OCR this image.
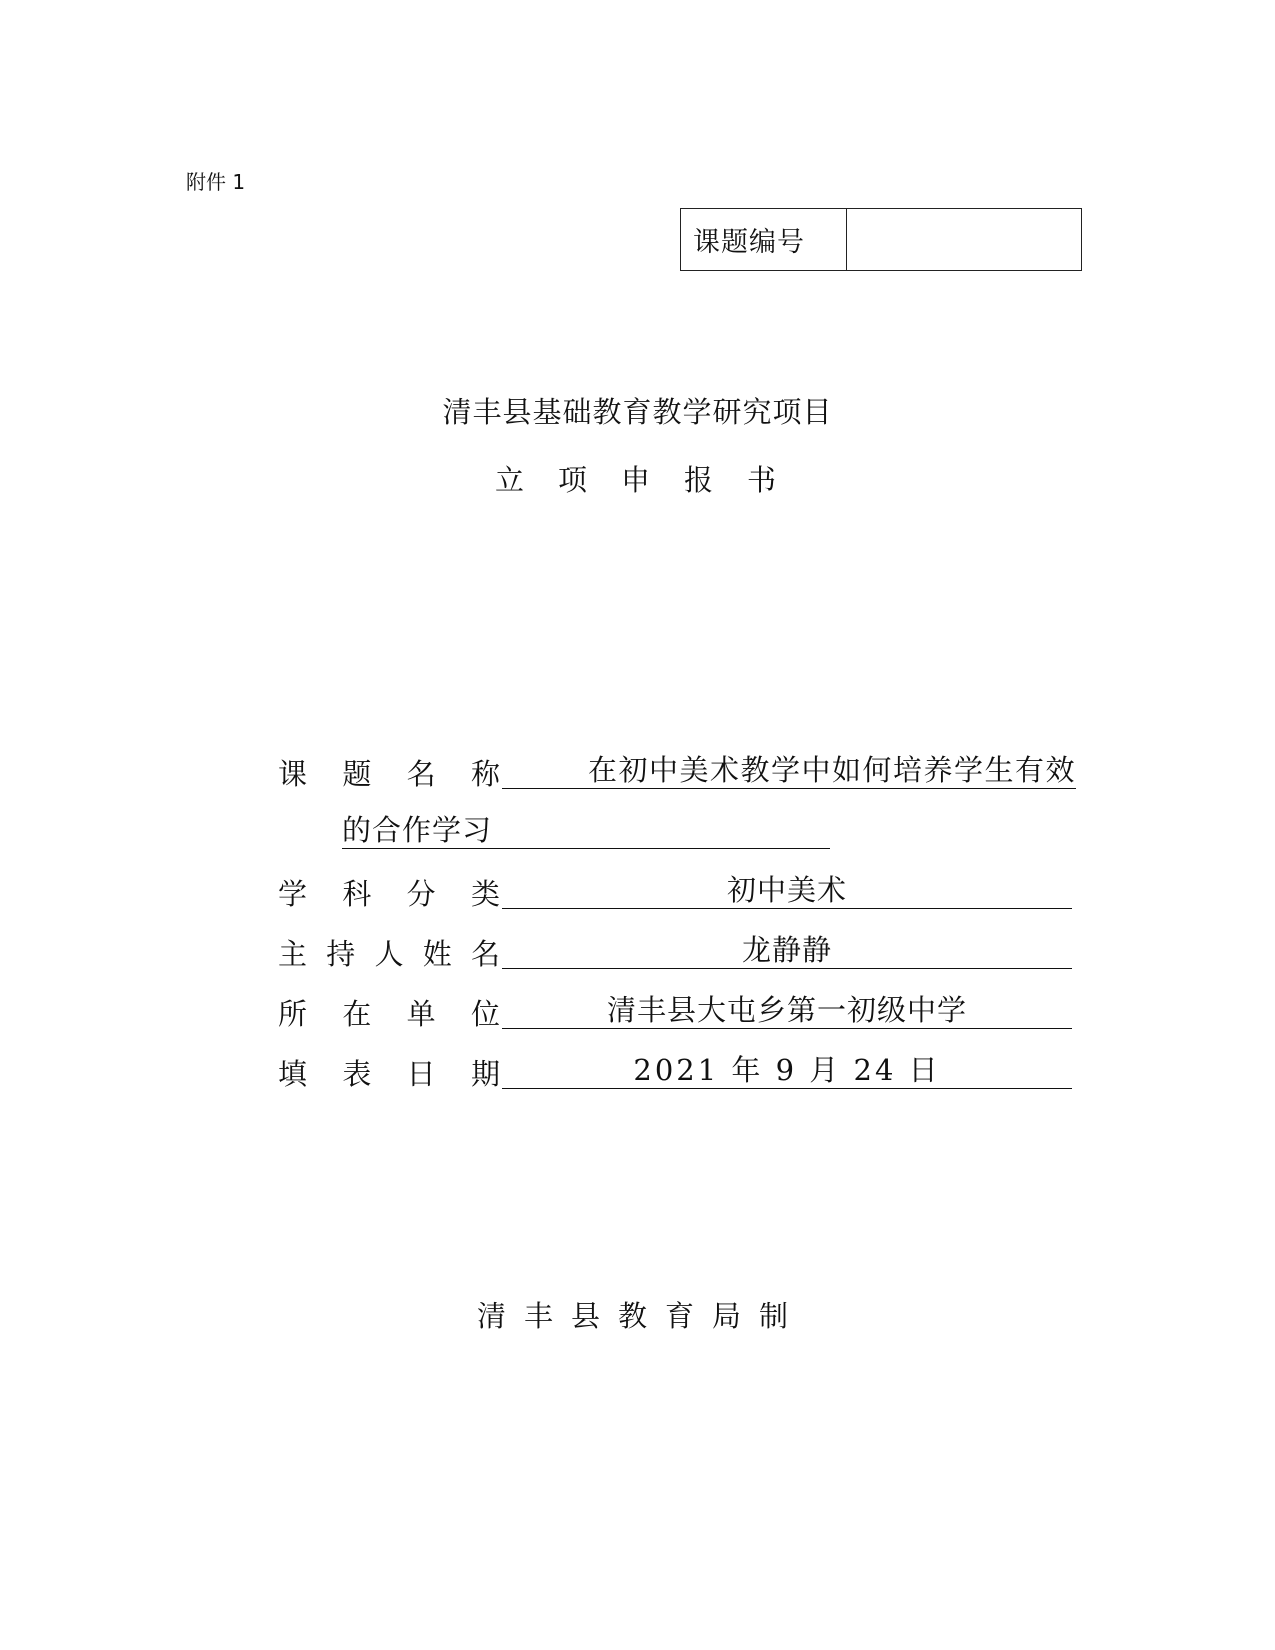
附件 1
课题编号
清丰县基础教育教学研究项目
立项申报书
课 题 名 称	在初中美术教学中如何培养学生有效
的合作学习
学 科 分 类	初中美术
主 持 人 姓 名	龙静静
所 在 单 位	清丰县大屯乡第一初级中学
填 表 日 期	2021 年 9 月 24 日
清丰县教育局制
